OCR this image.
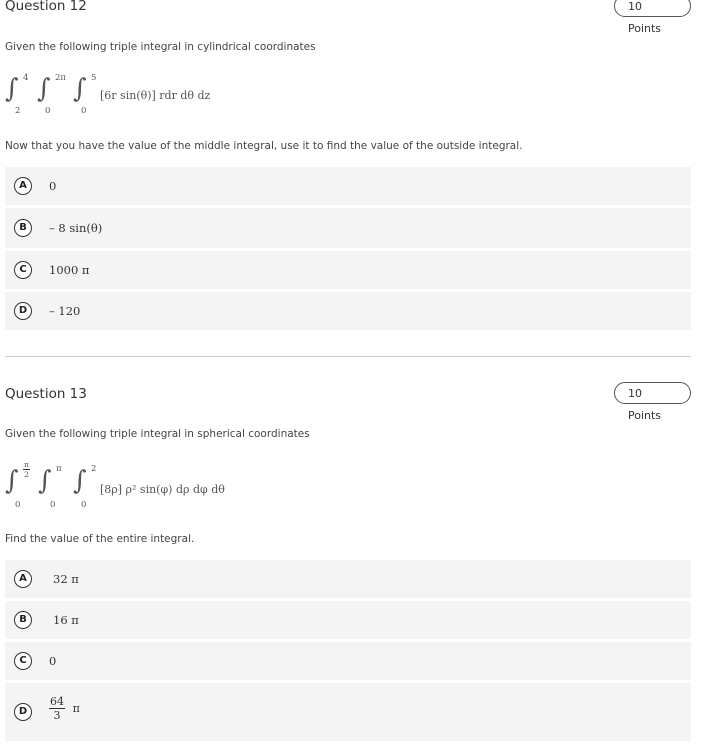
Question 12	10 Points
Given the following triple integral in cylindrical coordinates
∫ 4
2
∫ 2π
0
∫ 5
0
[6r sin(θ)] rdr dθ dz
Now that you have the value of the middle integral, use it to find the value of the outside integral.
A	0
B	– 8 sin(θ)
C	1000 π
D	– 120
Question 13	10 Points
Given the following triple integral in spherical coordinates
∫ $\frac{\pi}{2}$
0
∫ π
0
∫ 2
0
[8ρ] ρ² sin(φ) dρ dφ dθ
Find the value of the entire integral.
A	32 π
B	16 π
C	0
D	$\frac{64}{3}$ π
